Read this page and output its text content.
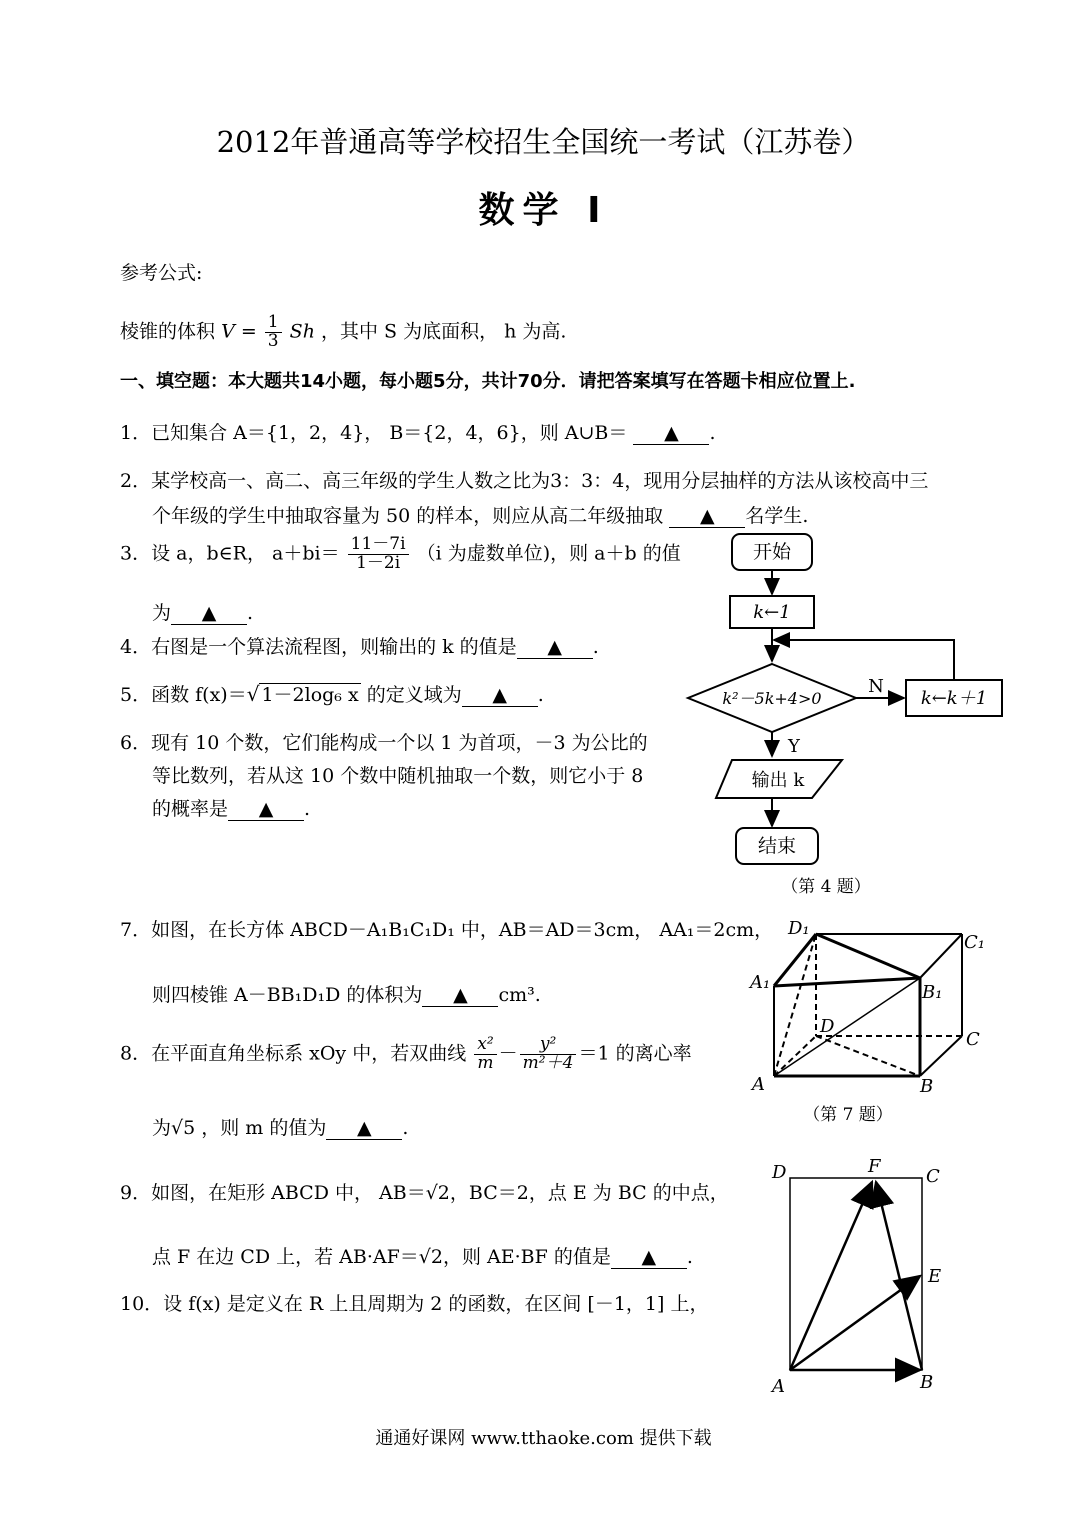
2012年普通高等学校招生全国统一考试（江苏卷）
数学 Ⅰ
参考公式:
棱锥的体积 $V = \frac{1}{3}$ Sh ，其中 S 为底面积， h 为高.
一、填空题：本大题共14小题，每小题5分，共计70分．请把答案填写在答题卡相应位置上.
1．已知集合 A＝{1，2，4}， B＝{2，4，6}，则 A∪B＝ ▲ .
2．某学校高一、高二、高三年级的学生人数之比为3：3：4，现用分层抽样的方法从该校高中三
个年级的学生中抽取容量为 50 的样本，则应从高二年级抽取 ▲ 名学生.
3．设 a，b∈R， $a+bi= \frac{11-7i}{1-2i} (i$ 为虚数单位)，则 a＋b 的值
为 ▲ .
4．右图是一个算法流程图，则输出的 k 的值是 ▲ .
5．函数 f(x)＝√ 1－2log₆ x 的定义域为 ▲ .
6．现有 10 个数，它们能构成一个以 1 为首项，－3 为公比的
等比数列，若从这 10 个数中随机抽取一个数，则它小于 8
的概率是 ▲ .
开始
k←1
k²－5k+4>0
N
k←k＋1
Y
输出 k
结束
（第 4 题）
7．如图，在长方体 ABCD－A₁B₁C₁D₁ 中，AB＝AD＝3cm， AA₁＝2cm，
则四棱锥 A－BB₁D₁D 的体积为 ▲ cm³.
D₁
C₁
A₁	B₁
D
C
A	B
（第 7 题）
8．在平面直角坐标系 xOy 中，若双曲线 $\frac{\text{x²}}{m} - \frac{\text{y²}}{\text{m²＋4}} =1$ 的离心率
为√5 ，则 m 的值为 ▲ .
9．如图，在矩形 ABCD 中， AB＝√2，BC＝2，点 E 为 BC 的中点，
点 F 在边 CD 上，若 AB·AF＝√2，则 AE·BF 的值是 ▲ .
10．设 f(x) 是定义在 R 上且周期为 2 的函数，在区间 [－1，1] 上，
D	F	C
E
A	B
通通好课网 www.tthaoke.com 提供下载
